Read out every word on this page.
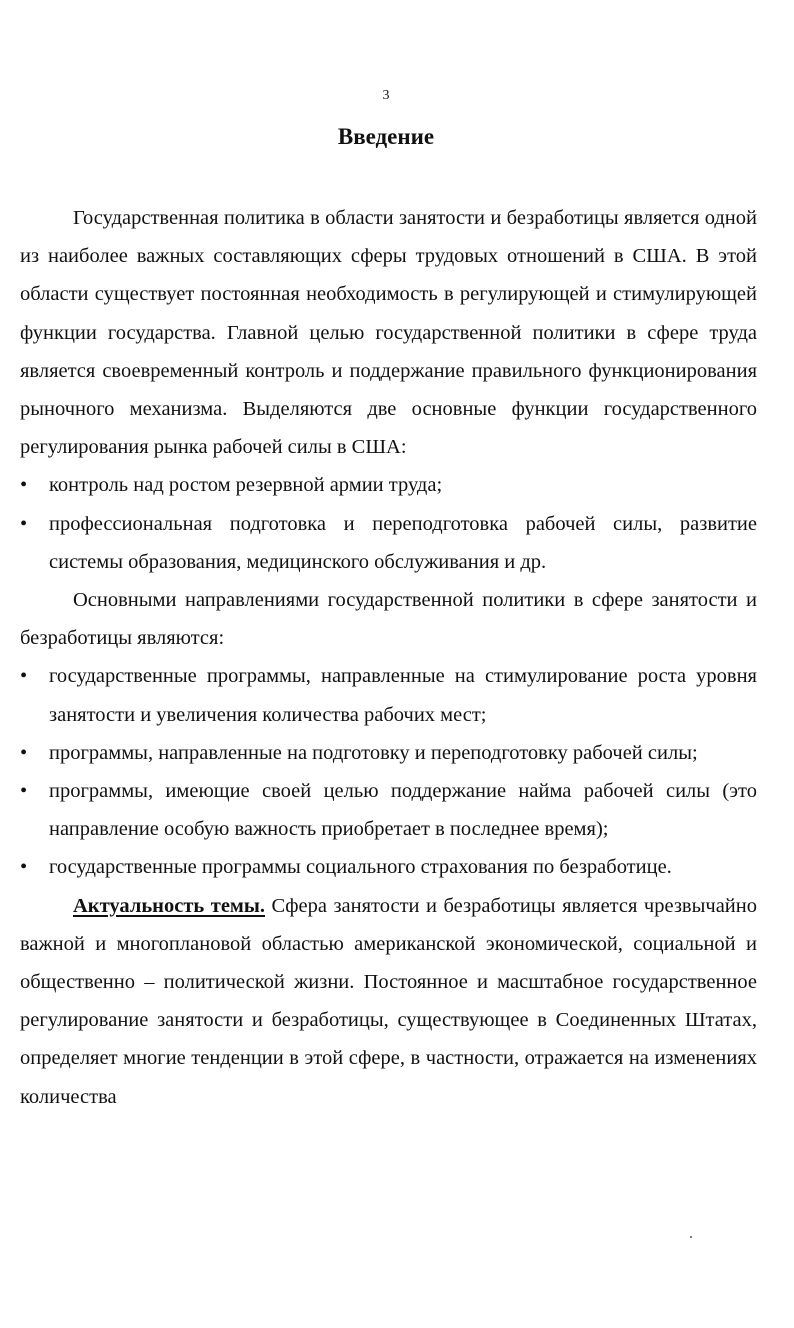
3
Введение

Государственная политика в области занятости и безработицы является одной из наиболее важных составляющих сферы трудовых отношений в США. В этой области существует постоянная необходимость в регулирующей и стимулирующей функции государства. Главной целью государственной политики в сфере труда является своевременный контроль и поддержание правильного функционирования рыночного механизма. Выделяются две основные функции государственного регулирования рынка рабочей силы в США:

•	контроль над ростом резервной армии труда;
•	профессиональная подготовка и переподготовка рабочей силы, развитие системы образования, медицинского обслуживания и др.

Основными направлениями государственной политики в сфере занятости и безработицы являются:

•	государственные программы, направленные на стимулирование роста уровня занятости и увеличения количества рабочих мест;
•	программы, направленные на подготовку и переподготовку рабочей силы;
•	программы, имеющие своей целью поддержание найма рабочей силы (это направление особую важность приобретает в последнее время);
•	государственные программы социального страхования по безработице.

Актуальность темы. Сфера занятости и безработицы является чрезвычайно важной и многоплановой областью американской экономической, социальной и общественно – политической жизни. Постоянное и масштабное государственное регулирование занятости и безработицы, существующее в Соединенных Штатах, определяет многие тенденции в этой сфере, в частности, отражается на изменениях количества
